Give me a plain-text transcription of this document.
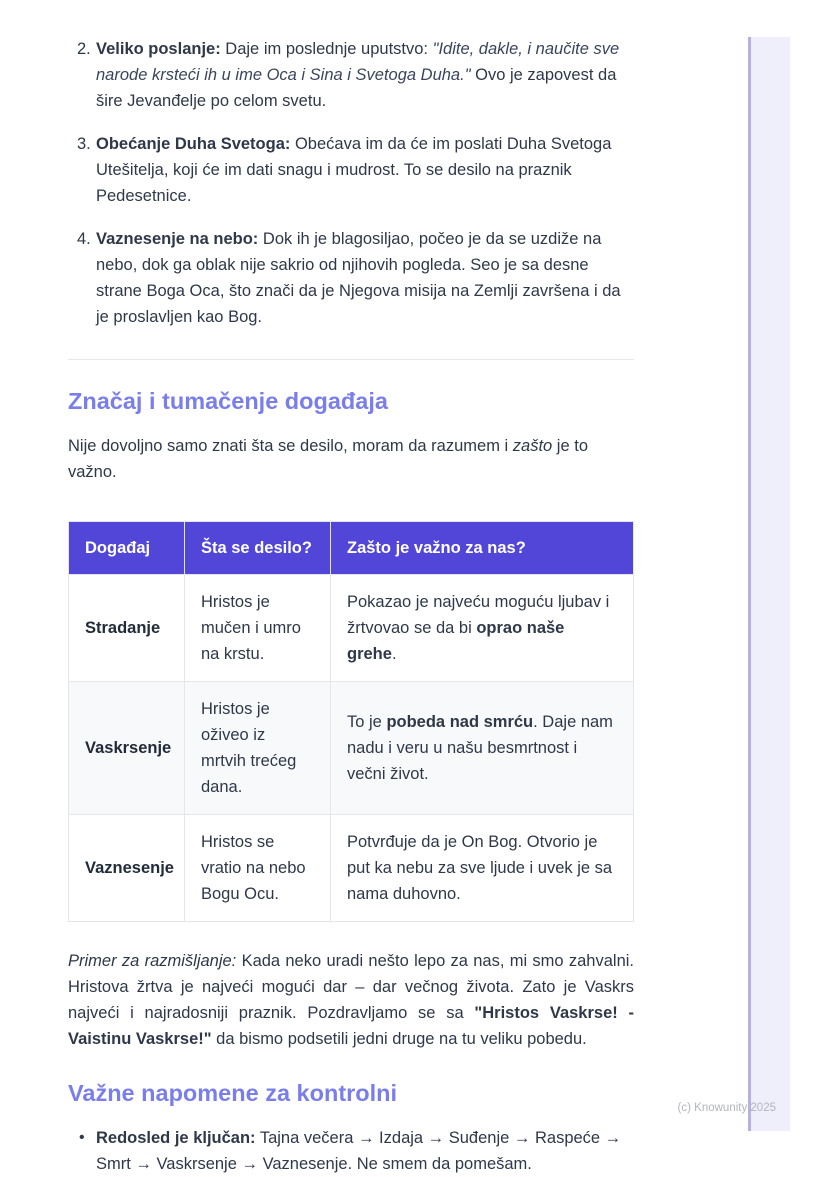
2. Veliko poslanje: Daje im poslednje uputstvo: "Idite, dakle, i naučite sve narode krsteći ih u ime Oca i Sina i Svetoga Duha." Ovo je zapovest da šire Jevanđelje po celom svetu.
3. Obećanje Duha Svetoga: Obećava im da će im poslati Duha Svetoga Utešitelja, koji će im dati snagu i mudrost. To se desilo na praznik Pedesetnice.
4. Vaznesenje na nebo: Dok ih je blagosiljao, počeo je da se uzdiže na nebo, dok ga oblak nije sakrio od njihovih pogleda. Seo je sa desne strane Boga Oca, što znači da je Njegova misija na Zemlji završena i da je proslavljen kao Bog.
Značaj i tumačenje događaja

Nije dovoljno samo znati šta se desilo, moram da razumem i zašto je to važno.

Događaj	Šta se desilo?	Zašto je važno za nas?
Stradanje	Hristos je mučen i umro na krstu.	Pokazao je najveću moguću ljubav i žrtvovao se da bi oprao naše grehe.
Vaskrsenje	Hristos je oživeo iz mrtvih trećeg dana.	To je pobeda nad smrću. Daje nam nadu i veru u našu besmrtnost i večni život.
Vaznesenje	Hristos se vratio na nebo Bogu Ocu.	Potvrđuje da je On Bog. Otvorio je put ka nebu za sve ljude i uvek je sa nama duhovno.

Primer za razmišljanje: Kada neko uradi nešto lepo za nas, mi smo zahvalni. Hristova žrtva je najveći mogući dar – dar večnog života. Zato je Vaskrs najveći i najradosniji praznik. Pozdravljamo se sa "Hristos Vaskrse! - Vaistinu Vaskrse!" da bismo podsetili jedni druge na tu veliku pobedu.

Važne napomene za kontrolni
• Redosled je ključan: Tajna večera → Izdaja → Suđenje → Raspeće → Smrt → Vaskrsenje → Vaznesenje. Ne smem da pomešam.
(c) Knowunity 2025
